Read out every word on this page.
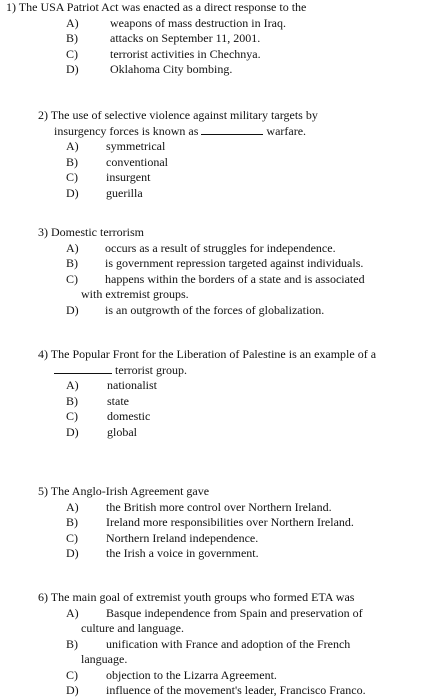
1) The USA Patriot Act was enacted as a direct response to the
A)	weapons of mass destruction in Iraq.
B)	attacks on September 11, 2001.
C)	terrorist activities in Chechnya.
D)	Oklahoma City bombing.
2) The use of selective violence against military targets by insurgency forces is known as	warfare.
A)	symmetrical
B)	conventional
C)	insurgent
D)	guerilla
3) Domestic terrorism
A)	occurs as a result of struggles for independence.
B)	is government repression targeted against individuals.
C)	happens within the borders of a state and is associated
with extremist groups.
D)	is an outgrowth of the forces of globalization.
4) The Popular Front for the Liberation of Palestine is an example of a  terrorist group.
A)	nationalist
B)	state
C)	domestic
D)	global
5) The Anglo-Irish Agreement gave
A)	the British more control over Northern Ireland.
B)	Ireland more responsibilities over Northern Ireland.
C)	Northern Ireland independence.
D)	the Irish a voice in government.
6) The main goal of extremist youth groups who formed ETA was
A)	Basque independence from Spain and preservation of
culture and language.
B)	unification with France and adoption of the French
language.
C)	objection to the Lizarra Agreement.
D)	influence of the movement's leader, Francisco Franco.
